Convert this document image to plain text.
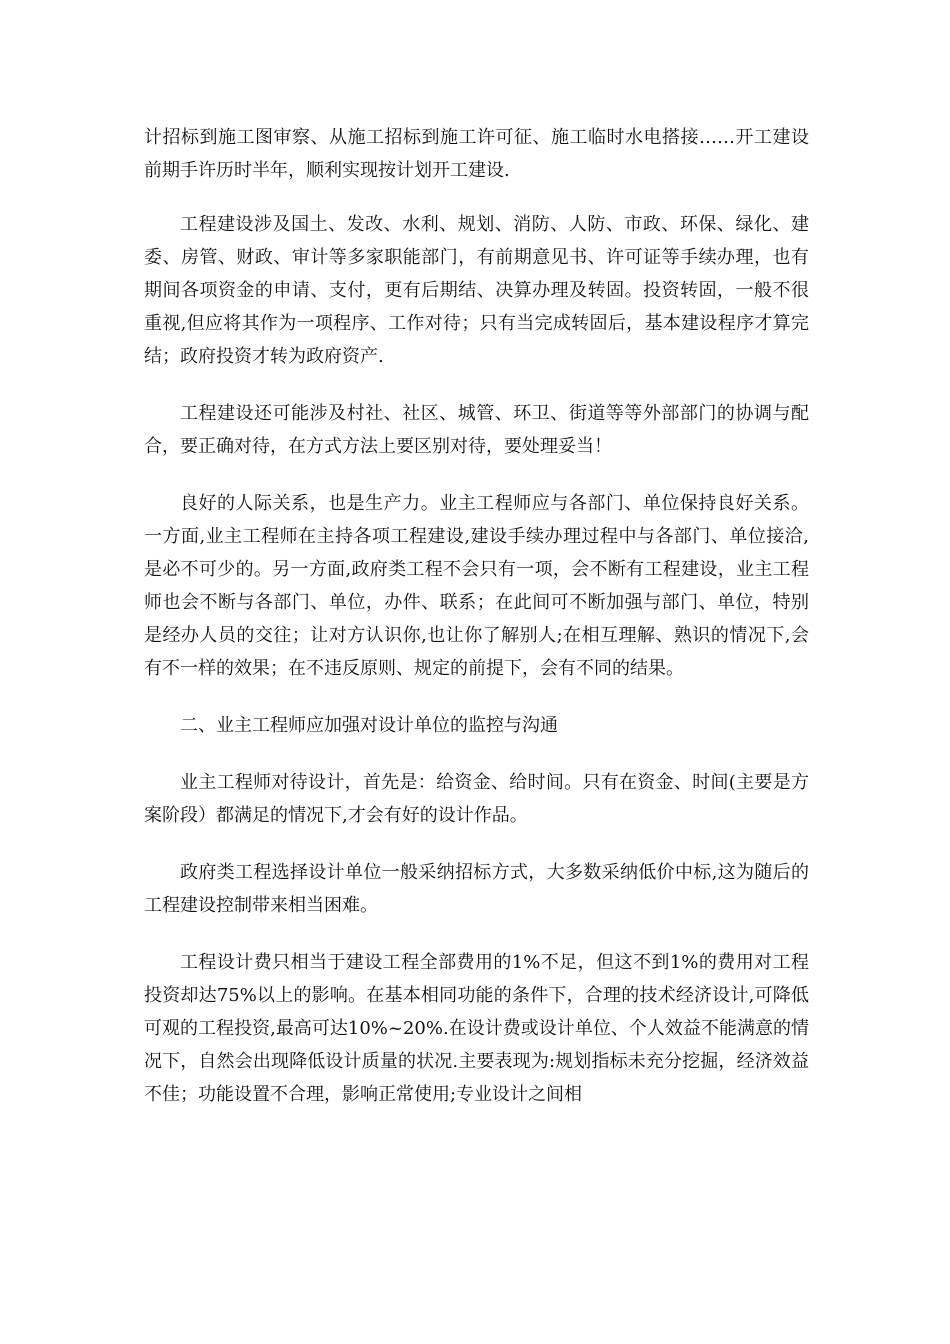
计招标到施工图审察、从施工招标到施工许可征、施工临时水电搭接……开工建设前期手许历时半年，顺利实现按计划开工建设.

工程建设涉及国土、发改、水利、规划、消防、人防、市政、环保、绿化、建委、房管、财政、审计等多家职能部门，有前期意见书、许可证等手续办理，也有期间各项资金的申请、支付，更有后期结、决算办理及转固。投资转固，一般不很重视,但应将其作为一项程序、工作对待；只有当完成转固后，基本建设程序才算完结；政府投资才转为政府资产.

工程建设还可能涉及村社、社区、城管、环卫、街道等等外部部门的协调与配合，要正确对待，在方式方法上要区别对待，要处理妥当！

良好的人际关系，也是生产力。业主工程师应与各部门、单位保持良好关系。一方面,业主工程师在主持各项工程建设,建设手续办理过程中与各部门、单位接洽,是必不可少的。另一方面,政府类工程不会只有一项，会不断有工程建设，业主工程师也会不断与各部门、单位，办件、联系；在此间可不断加强与部门、单位，特别是经办人员的交往；让对方认识你,也让你了解别人;在相互理解、熟识的情况下,会有不一样的效果；在不违反原则、规定的前提下，会有不同的结果。

二、业主工程师应加强对设计单位的监控与沟通

业主工程师对待设计，首先是：给资金、给时间。只有在资金、时间(主要是方案阶段）都满足的情况下,才会有好的设计作品。

政府类工程选择设计单位一般采纳招标方式，大多数采纳低价中标,这为随后的工程建设控制带来相当困难。

工程设计费只相当于建设工程全部费用的1%不足，但这不到1%的费用对工程投资却达75%以上的影响。在基本相同功能的条件下，合理的技术经济设计,可降低可观的工程投资,最高可达10%~20%.在设计费或设计单位、个人效益不能满意的情况下，自然会出现降低设计质量的状况.主要表现为:规划指标未充分挖掘，经济效益不佳；功能设置不合理，影响正常使用;专业设计之间相
